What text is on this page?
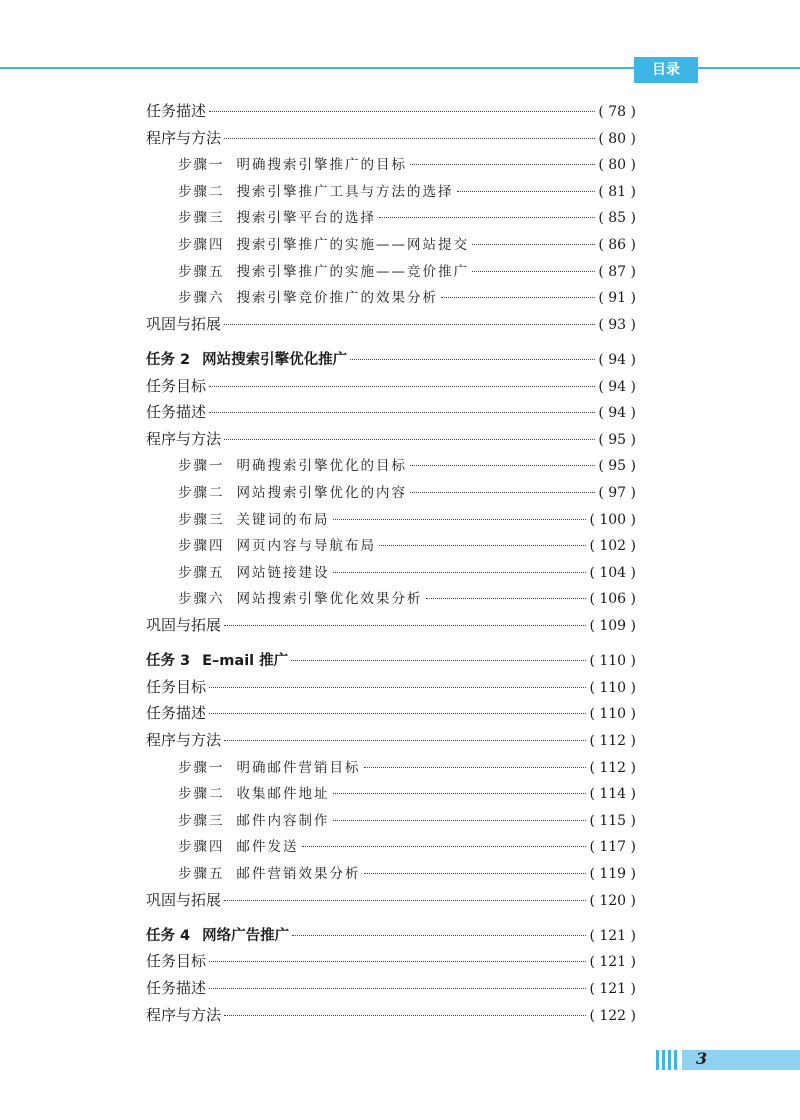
目录
任务描述	( 78 )
程序与方法	( 80 )
步骤一 明确搜索引擎推广的目标	( 80 )
步骤二 搜索引擎推广工具与方法的选择	( 81 )
步骤三 搜索引擎平台的选择	( 85 )
步骤四 搜索引擎推广的实施——网站提交	( 86 )
步骤五 搜索引擎推广的实施——竞价推广	( 87 )
步骤六 搜索引擎竞价推广的效果分析	( 91 )
巩固与拓展	( 93 )
任务 2 网站搜索引擎优化推广	( 94 )
任务目标	( 94 )
任务描述	( 94 )
程序与方法	( 95 )
步骤一 明确搜索引擎优化的目标	( 95 )
步骤二 网站搜索引擎优化的内容	( 97 )
步骤三 关键词的布局	( 100 )
步骤四 网页内容与导航布局	( 102 )
步骤五 网站链接建设	( 104 )
步骤六 网站搜索引擎优化效果分析	( 106 )
巩固与拓展	( 109 )
任务 3 E–mail 推广	( 110 )
任务目标	( 110 )
任务描述	( 110 )
程序与方法	( 112 )
步骤一 明确邮件营销目标	( 112 )
步骤二 收集邮件地址	( 114 )
步骤三 邮件内容制作	( 115 )
步骤四 邮件发送	( 117 )
步骤五 邮件营销效果分析	( 119 )
巩固与拓展	( 120 )
任务 4 网络广告推广	( 121 )
任务目标	( 121 )
任务描述	( 121 )
程序与方法	( 122 )
3
